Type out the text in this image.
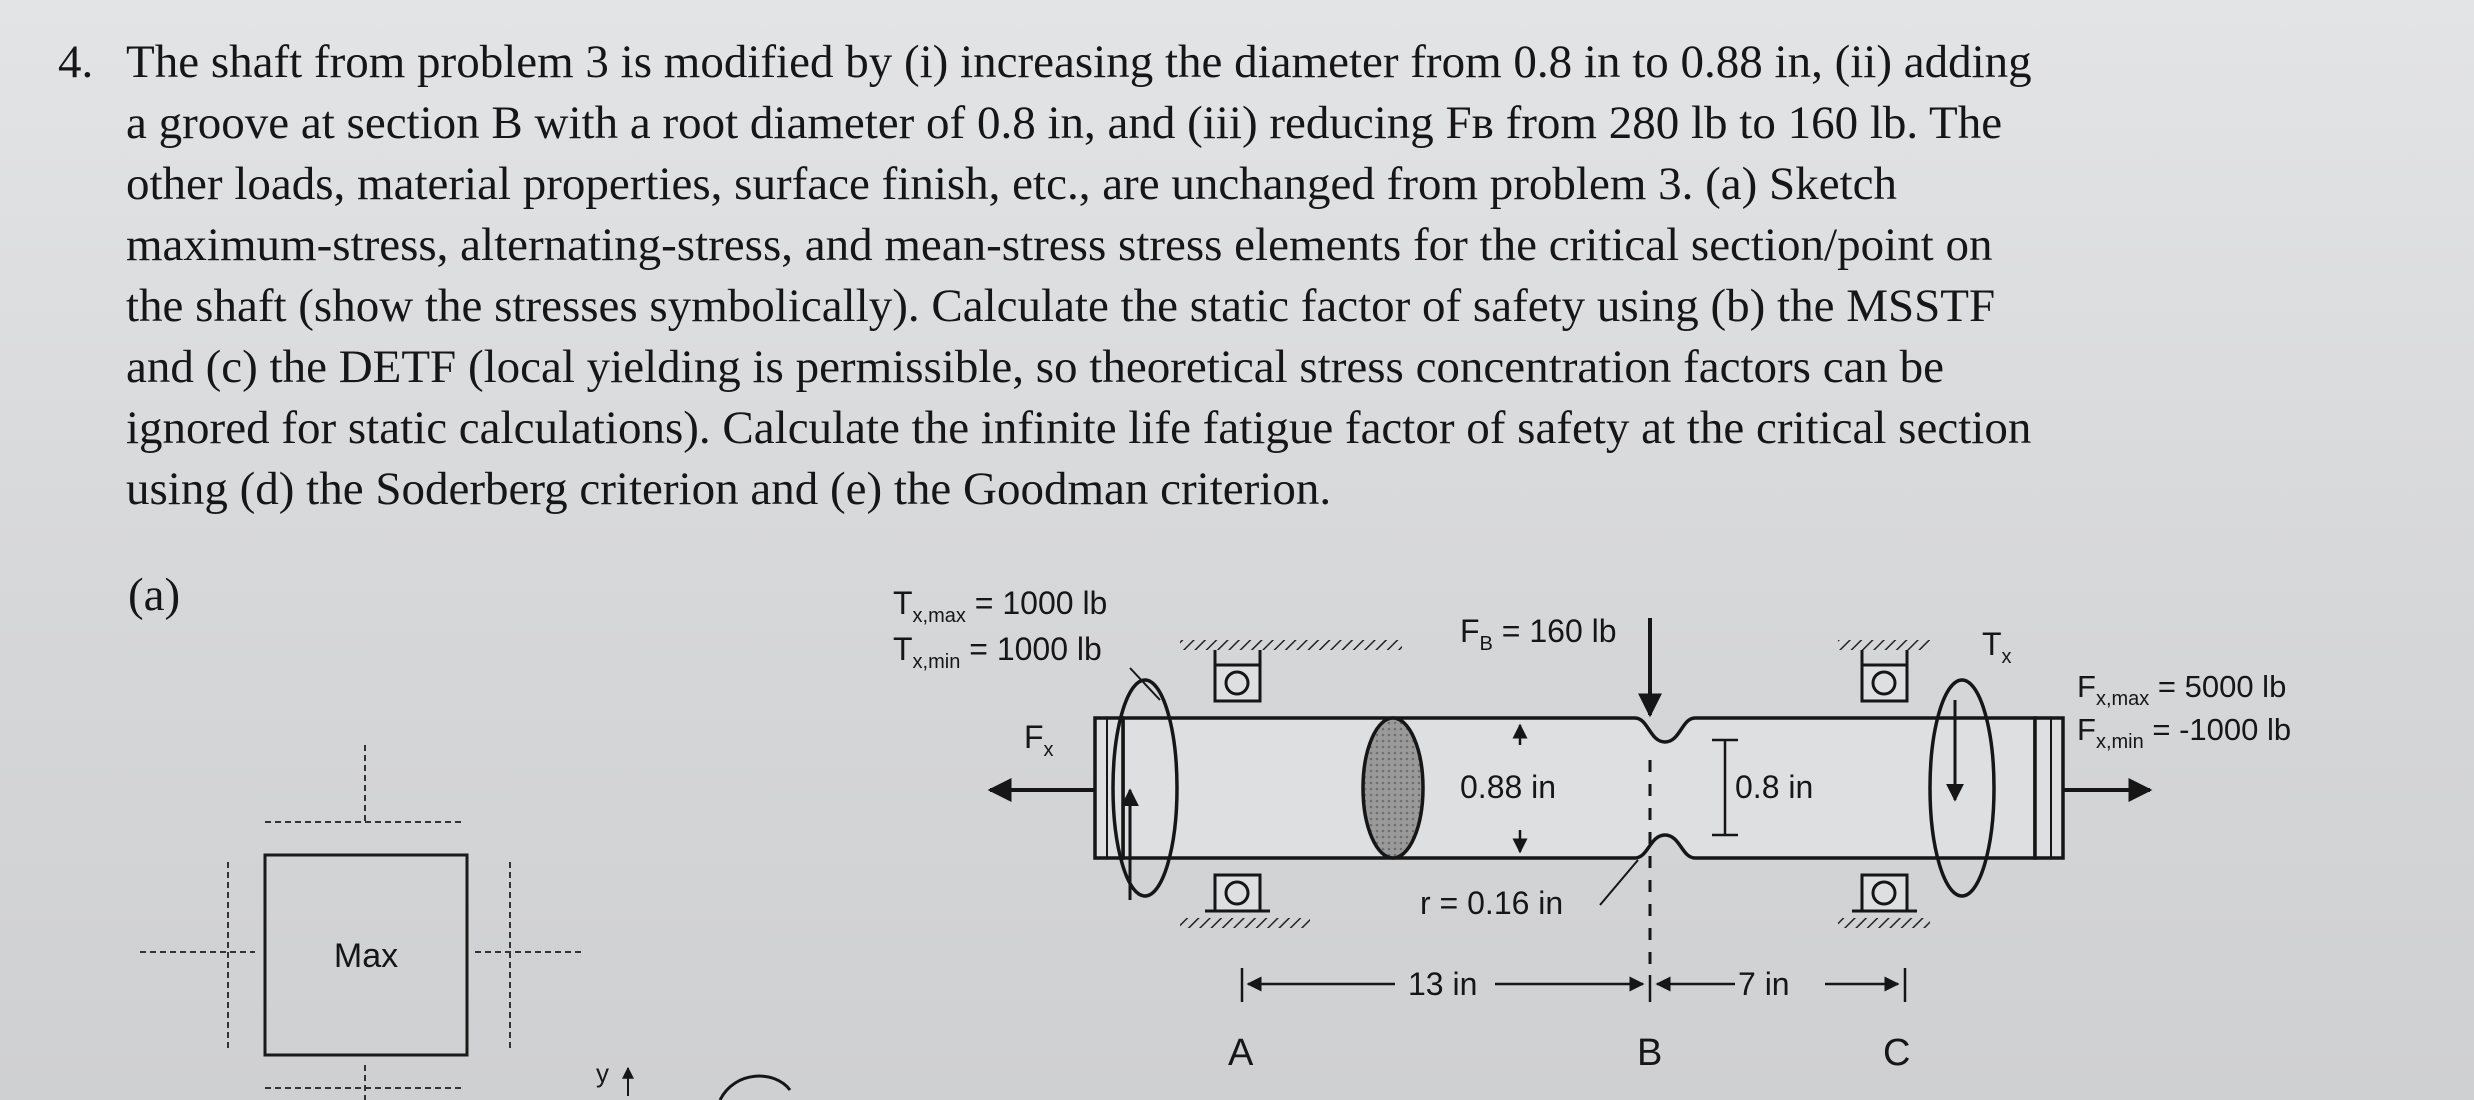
4. The shaft from problem 3 is modified by (i) increasing the diameter from 0.8 in to 0.88 in, (ii) adding
a groove at section B with a root diameter of 0.8 in, and (iii) reducing Fʙ from 280 lb to 160 lb. The
other loads, material properties, surface finish, etc., are unchanged from problem 3. (a) Sketch
maximum-stress, alternating-stress, and mean-stress stress elements for the critical section/point on
the shaft (show the stresses symbolically). Calculate the static factor of safety using (b) the MSSTF
and (c) the DETF (local yielding is permissible, so theoretical stress concentration factors can be
ignored for static calculations). Calculate the infinite life fatigue factor of safety at the critical section
using (d) the Soderberg criterion and (e) the Goodman criterion.
(a)
Max
y
$T_{x,max} = 1000$ lb
$T_{x,min} = 1000$ lb
$F_x$
$F_B = 160$ lb	$T_x$
$F_{x,max} = 5000$ lb
$F_{x,min} = -1000$ lb
0.88 in	0.8 in
r = 0.16 in
13 in	7 in
A	B	C
